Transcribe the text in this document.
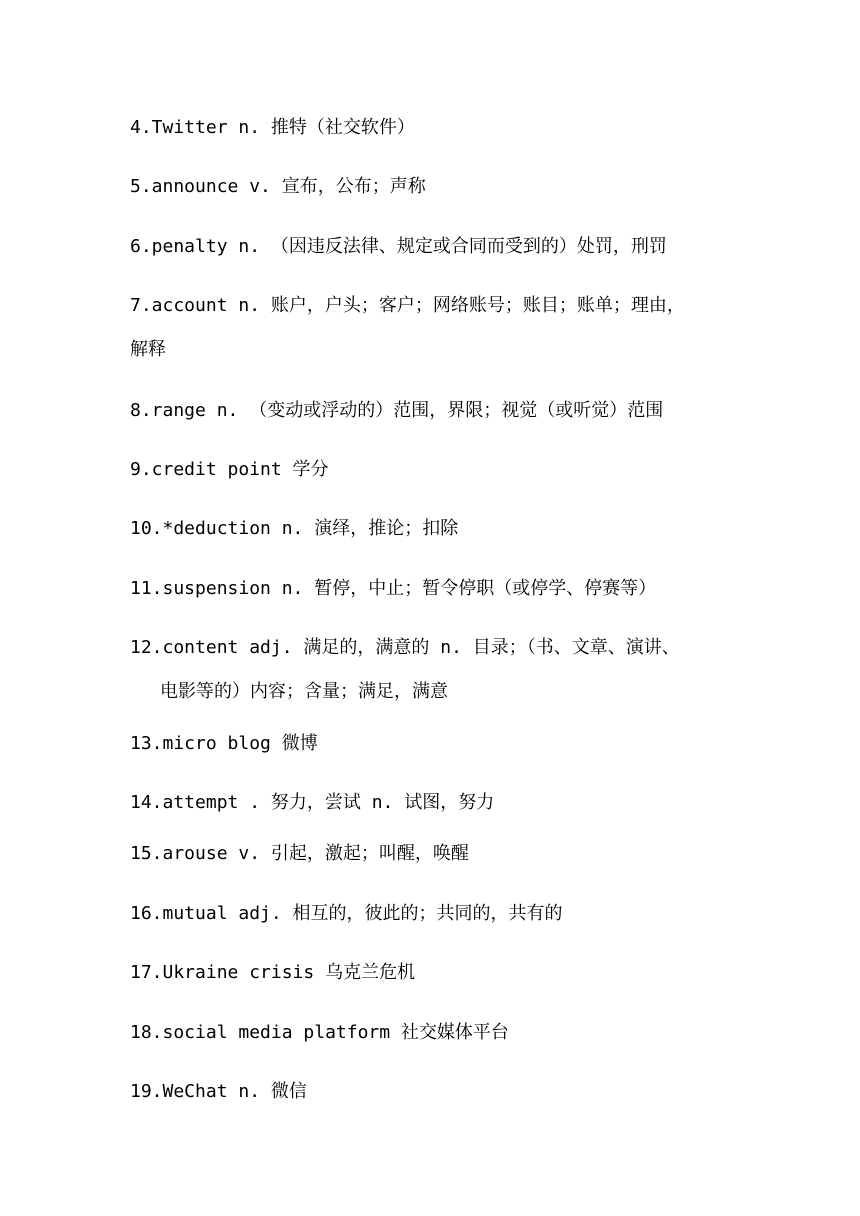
4.Twitter n. 推特（社交软件）

5.announce v. 宣布，公布；声称

6.penalty n. （因违反法律、规定或合同而受到的）处罚，刑罚

7.account n. 账户，户头；客户；网络账号；账目；账单；理由，
解释

8.range n. （变动或浮动的）范围，界限；视觉（或听觉）范围

9.credit point 学分

10.*deduction n. 演绎，推论；扣除

11.suspension n. 暂停，中止；暂令停职（或停学、停赛等）

12.content adj. 满足的，满意的 n. 目录；（书、文章、演讲、
电影等的）内容；含量；满足，满意

13.micro blog 微博

14.attempt . 努力，尝试 n. 试图，努力

15.arouse v. 引起，激起；叫醒，唤醒

16.mutual adj. 相互的，彼此的；共同的，共有的

17.Ukraine crisis 乌克兰危机

18.social media platform 社交媒体平台

19.WeChat n. 微信
